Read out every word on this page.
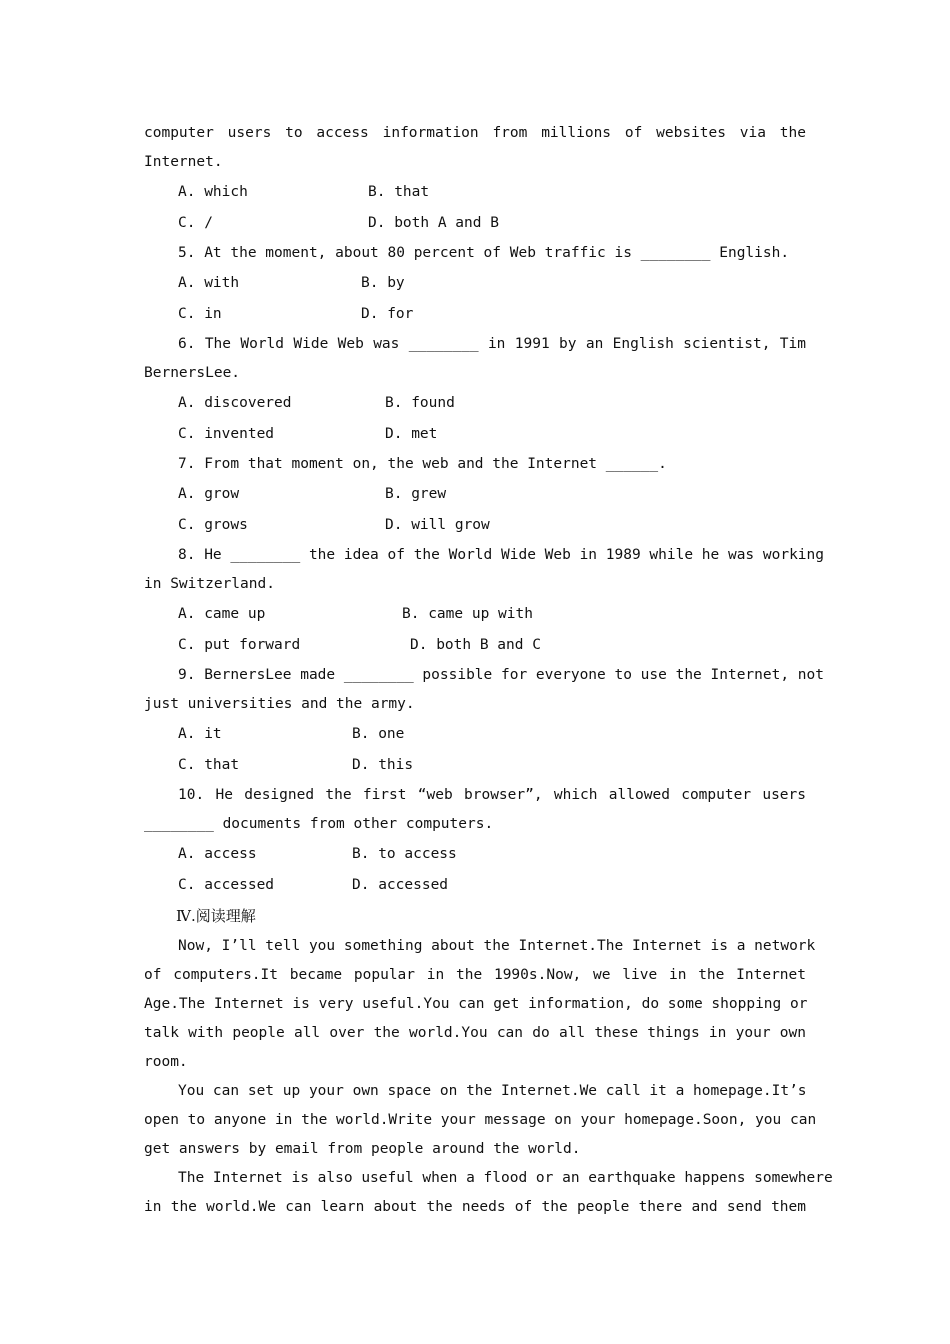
computer users to access information from millions of websites via the

Internet.

A. which	B. that
C. /	D. both A and B

5. At the moment, about 80 percent of Web traffic is ________ English.

A. with	B. by
C. in	D. for

6. The World Wide Web was ________ in 1991 by an English scientist, Tim

BernersLee.

A. discovered	B. found
C. invented	D. met

7. From that moment on, the web and the Internet ______.

A. grow	B. grew
C. grows	D. will grow

8. He ________ the idea of the World Wide Web in 1989 while he was working

in Switzerland.

A. came up	B. came up with
C. put forward	D. both B and C

9. BernersLee made ________ possible for everyone to use the Internet, not

just universities and the army.

A. it	B. one
C. that	D. this

10. He designed the first “web browser”, which allowed computer users

________ documents from other computers.

A. access	B. to access
C. accessed	D. accessed
Ⅳ.阅读理解

Now, I’ll tell you something about the Internet.The Internet is a network

of computers.It became popular in the 1990s.Now, we live in the Internet

Age.The Internet is very useful.You can get information, do some shopping or

talk with people all over the world.You can do all these things in your own

room.

You can set up your own space on the Internet.We call it a homepage.It’s

open to anyone in the world.Write your message on your homepage.Soon, you can

get answers by email from people around the world.

The Internet is also useful when a flood or an earthquake happens somewhere

in the world.We can learn about the needs of the people there and send them
